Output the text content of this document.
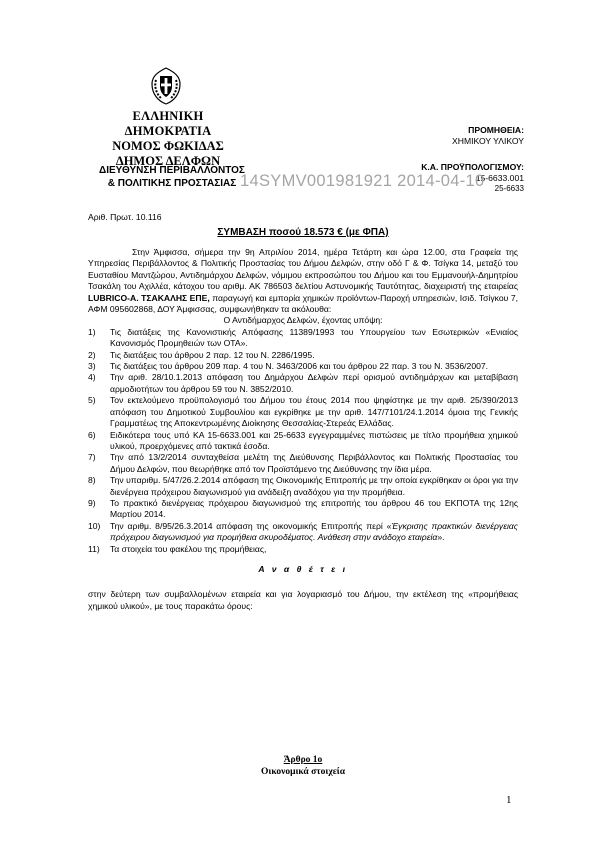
ΕΛΛΗΝΙΚΗ ΔΗΜΟΚΡΑΤΙΑ
ΝΟΜΟΣ ΦΩΚΙΔΑΣ
ΔΗΜΟΣ ΔΕΛΦΩΝ
ΔΙΕΥΘΥΝΣΗ ΠΕΡΙΒΑΛΛΟΝΤΟΣ
& ΠΟΛΙΤΙΚΗΣ ΠΡΟΣΤΑΣΙΑΣ
ΠΡΟΜΗΘΕΙΑ:
ΧΗΜΙΚΟΥ ΥΛΙΚΟΥ
Κ.Α. ΠΡΟΫΠΟΛΟΓΙΣΜΟΥ:
15-6633.001
25-6633
14SYMV001981921 2014-04-10
Αριθ. Πρωτ. 10.116
ΣΥΜΒΑΣΗ ποσού 18.573 € (με ΦΠΑ)

Στην Άμφισσα, σήμερα την 9η Απριλίου 2014, ημέρα Τετάρτη και ώρα 12.00, στα Γραφεία της Υπηρεσίας Περιβάλλοντος & Πολιτικής Προστασίας του Δήμου Δελφών, στην οδό Γ & Φ. Τσίγκα 14, μεταξύ του Ευσταθίου Μαντζώρου, Αντιδημάρχου Δελφών, νόμιμου εκπροσώπου του Δήμου και του Εμμανουήλ-Δημητρίου Τσακάλη του Αχιλλέα, κάτοχου του αριθμ. ΑΚ 786503 δελτίου Αστυνομικής Ταυτότητας, διαχειριστή της εταιρείας LUBRICO-Α. ΤΣΑΚΑΛΗΣ ΕΠΕ, παραγωγή και εμπορία χημικών προϊόντων-Παροχή υπηρεσιών, Ισιδ. Τσίγκου 7, ΑΦΜ 095602868, ΔΟΥ Άμφισσας, συμφωνήθηκαν τα ακόλουθα:

Ο Αντιδήμαρχος Δελφών, έχοντας υπόψη:

1)	Τις διατάξεις της Κανονιστικής Απόφασης 11389/1993 του Υπουργείου των Εσωτερικών «Ενιαίος Κανονισμός Προμηθειών των ΟΤΑ».
2)	Τις διατάξεις του άρθρου 2 παρ. 12 του Ν. 2286/1995.
3)	Τις διατάξεις του άρθρου 209 παρ. 4 του Ν. 3463/2006 και του άρθρου 22 παρ. 3 του Ν. 3536/2007.
4)	Την αριθ. 28/10.1.2013 απόφαση του Δημάρχου Δελφών περί ορισμού αντιδημάρχων και μεταβίβαση αρμοδιοτήτων του άρθρου 59 του Ν. 3852/2010.
5)	Τον εκτελούμενο προϋπολογισμό του Δήμου του έτους 2014 που ψηφίστηκε με την αριθ. 25/390/2013 απόφαση του Δημοτικού Συμβουλίου και εγκρίθηκε με την αριθ. 147/7101/24.1.2014 όμοια της Γενικής Γραμματέως της Αποκεντρωμένης Διοίκησης Θεσσαλίας-Στερεάς Ελλάδας.
6)	Ειδικότερα τους υπό ΚΑ 15-6633.001 και 25-6633 εγγεγραμμένες πιστώσεις με τίτλο προμήθεια χημικού υλικού, προερχόμενες από τακτικά έσοδα.
7)	Την από 13/2/2014 συνταχθείσα μελέτη της Διεύθυνσης Περιβάλλοντος και Πολιτικής Προστασίας του Δήμου Δελφών, που θεωρήθηκε από τον Προϊστάμενο της Διεύθυνσης την ίδια μέρα.
8)	Την υπαριθμ. 5/47/26.2.2014 απόφαση της Οικονομικής Επιτροπής με την οποία εγκρίθηκαν οι όροι για την διενέργεια πρόχειρου διαγωνισμού για ανάδειξη αναδόχου για την προμήθεια.
9)	Το πρακτικό διενέργειας πρόχειρου διαγωνισμού της επιτροπής του άρθρου 46 του ΕΚΠΟΤΑ της 12ης Μαρτίου 2014.
10)	Την αριθμ. 8/95/26.3.2014 απόφαση της οικονομικής Επιτροπής περί «Έγκρισης πρακτικών διενέργειας πρόχειρου διαγωνισμού για προμήθεια σκυροδέματος. Ανάθεση στην ανάδοχο εταιρεία».
11)	Τα στοιχεία του φακέλου της προμήθειας,

Α ν α θ έ τ ε ι

στην δεύτερη των συμβαλλομένων εταιρεία και για λογαριασμό του Δήμου, την εκτέλεση της «προμήθειας χημικού υλικού», με τους παρακάτω όρους:

Άρθρο 1ο
Οικονομικά στοιχεία
1
